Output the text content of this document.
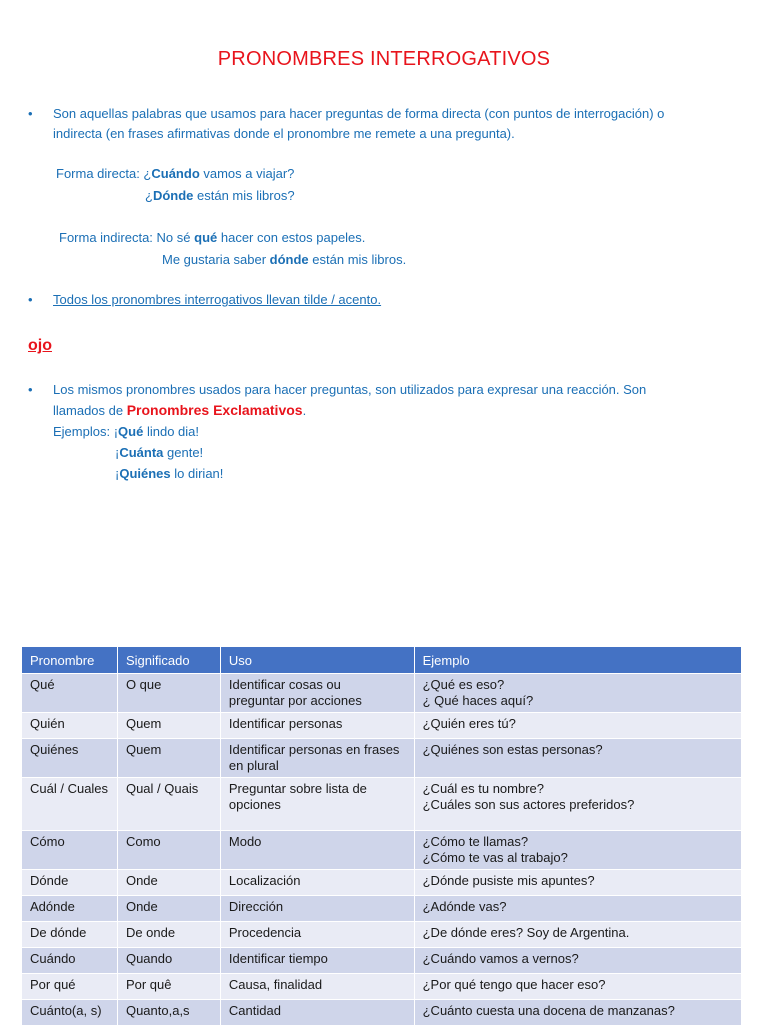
PRONOMBRES INTERROGATIVOS
• Son aquellas palabras que usamos para hacer preguntas de forma directa (con puntos de interrogación) o
indirecta (en frases afirmativas donde el pronombre me remete a una pregunta).
Forma directa: ¿Cuándo vamos a viajar?
¿Dónde están mis libros?
Forma indirecta: No sé qué hacer con estos papeles.
Me gustaria saber dónde están mis libros.
• Todos los pronombres interrogativos llevan tilde / acento.
ojo
• Los mismos pronombres usados para hacer preguntas, son utilizados para expresar una reacción. Son
llamados de Pronombres Exclamativos.
Ejemplos: ¡Qué lindo dia!
¡Cuánta gente!
¡Quiénes lo dirian!
Pronombre	Significado	Uso	Ejemplo
Qué	O que	Identificar cosas ou
preguntar por acciones	¿Qué es eso?
¿ Qué haces aquí?

Quién	Quem	Identificar personas	¿Quién eres tú?

Quiénes	Quem	Identificar personas en frases
en plural	¿Quiénes son estas personas?

Cuál / Cuales	Qual / Quais	Preguntar sobre lista de
opciones	¿Cuál es tu nombre?
¿Cuáles son sus actores preferidos?

Cómo	Como	Modo	¿Cómo te llamas?
¿Cómo te vas al trabajo?

Dónde	Onde	Localización	¿Dónde pusiste mis apuntes?

Adónde	Onde	Dirección	¿Adónde vas?

De dónde	De onde	Procedencia	¿De dónde eres? Soy de Argentina.

Cuándo	Quando	Identificar tiempo	¿Cuándo vamos a vernos?

Por qué	Por quê	Causa, finalidad	¿Por qué tengo que hacer eso?

Cuánto(a, s)	Quanto,a,s	Cantidad	¿Cuánto cuesta una docena de manzanas?
